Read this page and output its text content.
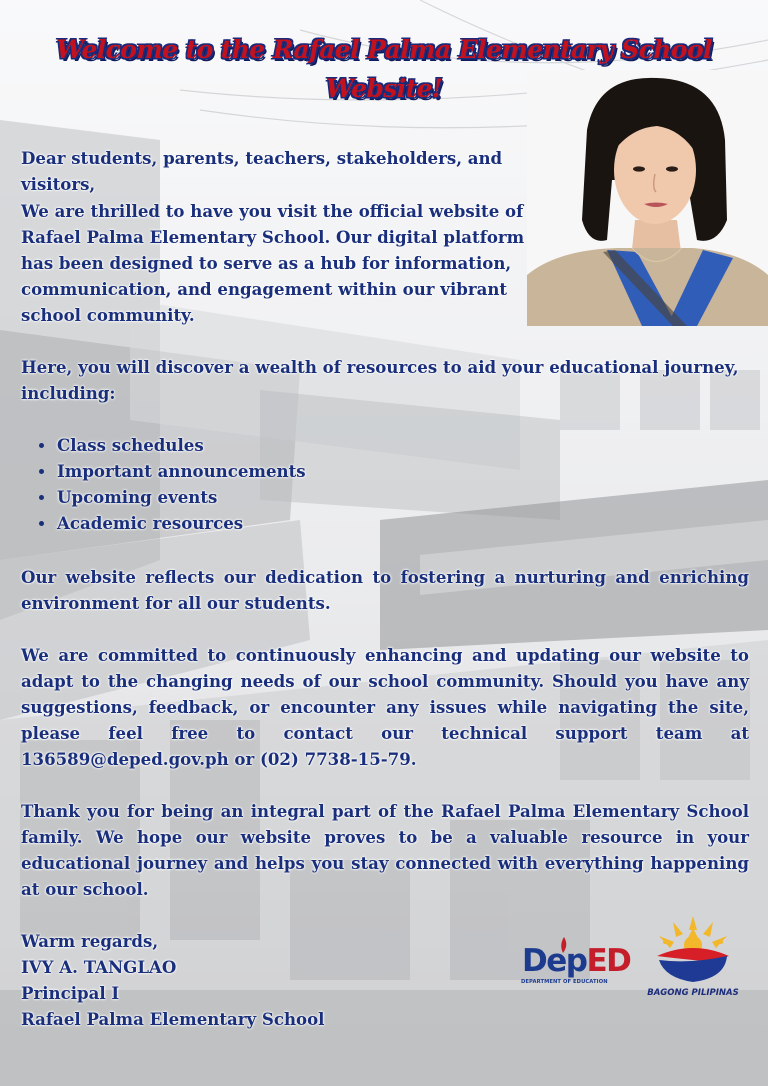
Welcome to the Rafael Palma Elementary School
Website!
Dear students, parents, teachers, stakeholders, and visitors,
We are thrilled to have you visit the official website of Rafael Palma Elementary School. Our digital platform has been designed to serve as a hub for information, communication, and engagement within our vibrant school community.
Here, you will discover a wealth of resources to aid your educational journey, including:
Class schedules
Important announcements
Upcoming events
Academic resources
Our website reflects our dedication to fostering a nurturing and enriching environment for all our students.
We are committed to continuously enhancing and updating our website to adapt to the changing needs of our school community. Should you have any suggestions, feedback, or encounter any issues while navigating the site, please feel free to contact our technical support team at 136589@deped.gov.ph or (02) 7738-15-79.
Thank you for being an integral part of the Rafael Palma Elementary School family. We hope our website proves to be a valuable resource in your educational journey and helps you stay connected with everything happening at our school.
Warm regards,
IVY A. TANGLAO
Principal I
Rafael Palma Elementary School
DepED
DEPARTMENT OF EDUCATION
BAGONG PILIPINAS
